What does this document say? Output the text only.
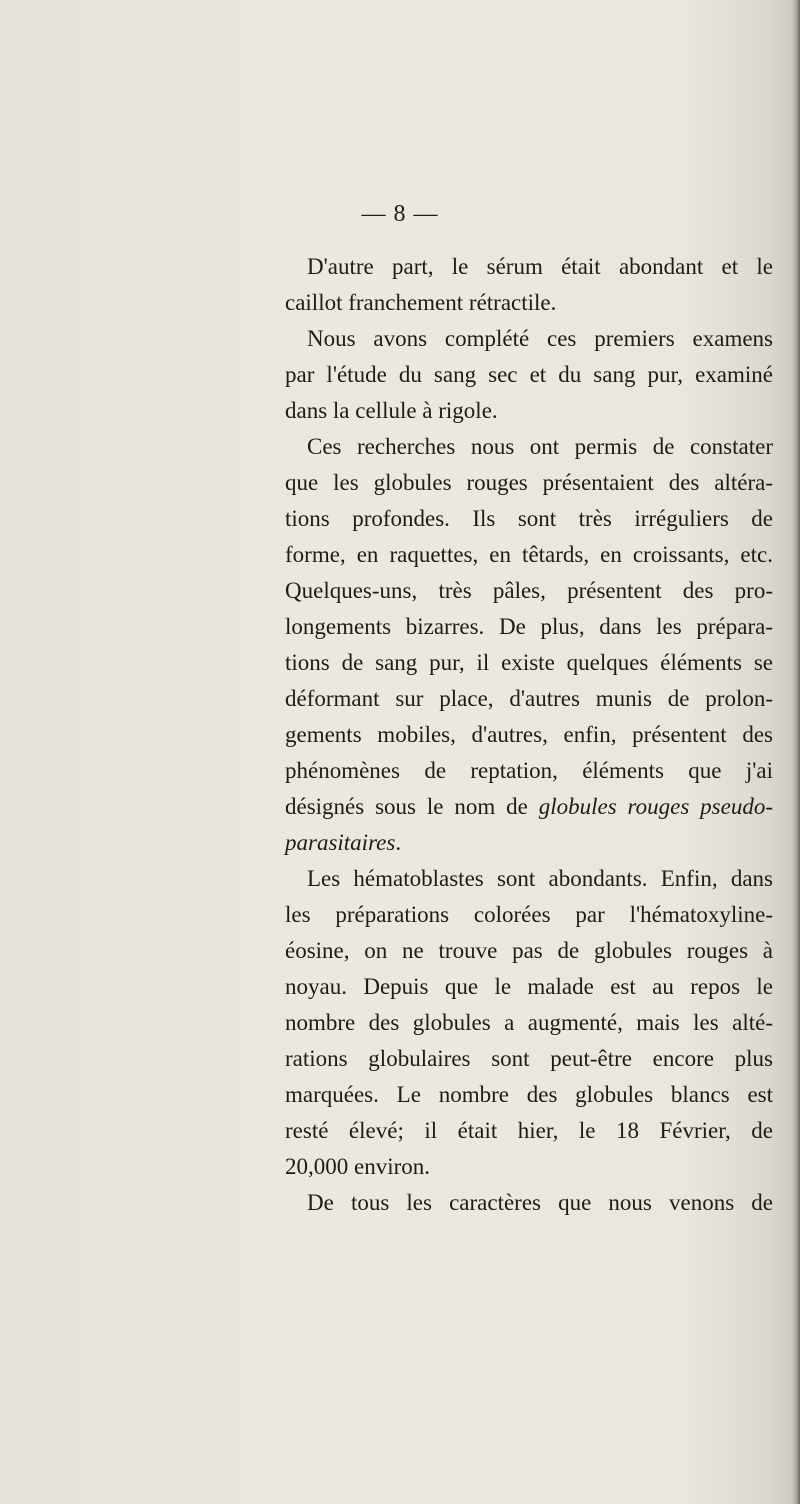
— 8 —
D'autre part, le sérum était abondant et le
caillot franchement rétractile.
Nous avons complété ces premiers examens
par l'étude du sang sec et du sang pur, examiné
dans la cellule à rigole.
Ces recherches nous ont permis de constater
que les globules rouges présentaient des altéra-
tions profondes. Ils sont très irréguliers de
forme, en raquettes, en têtards, en croissants, etc.
Quelques-uns, très pâles, présentent des pro-
longements bizarres. De plus, dans les prépara-
tions de sang pur, il existe quelques éléments se
déformant sur place, d'autres munis de prolon-
gements mobiles, d'autres, enfin, présentent des
phénomènes de reptation, éléments que j'ai
désignés sous le nom de globules rouges pseudo-
parasitaires.
Les hématoblastes sont abondants. Enfin, dans
les préparations colorées par l'hématoxyline-
éosine, on ne trouve pas de globules rouges à
noyau. Depuis que le malade est au repos le
nombre des globules a augmenté, mais les alté-
rations globulaires sont peut-être encore plus
marquées. Le nombre des globules blancs est
resté élevé; il était hier, le 18 Février, de
20,000 environ.
De tous les caractères que nous venons de
